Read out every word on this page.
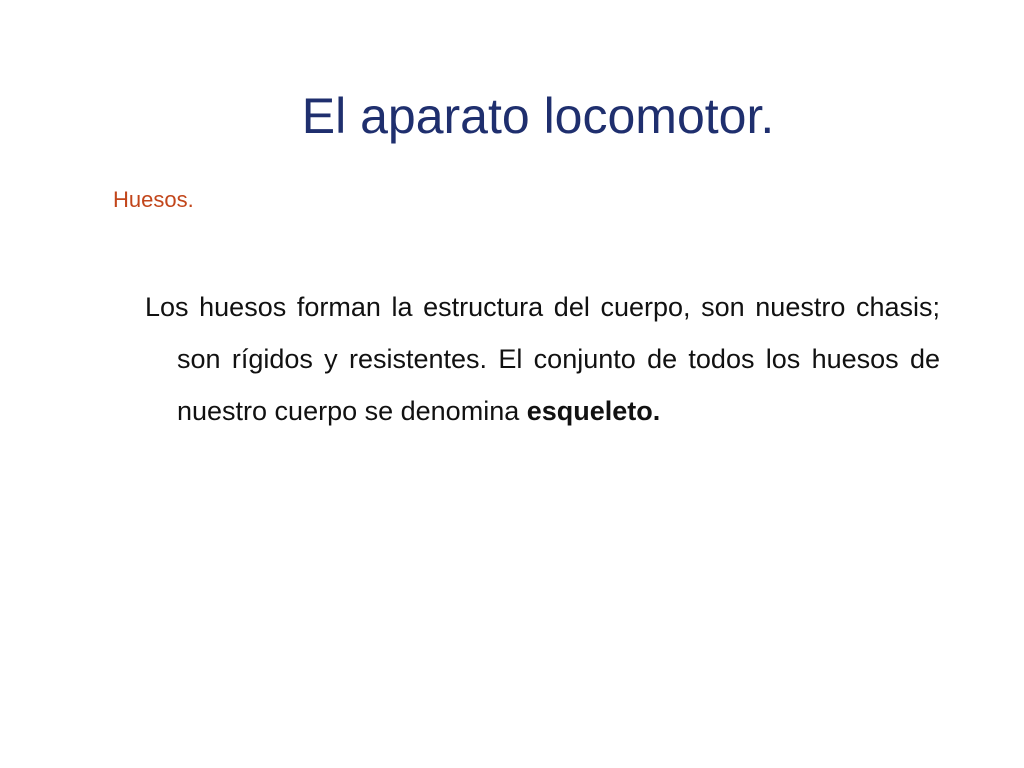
El aparato locomotor.
Huesos.

Los huesos forman la estructura del cuerpo, son nuestro chasis; son rígidos y resistentes. El conjunto de todos los huesos de nuestro cuerpo se denomina esqueleto.
